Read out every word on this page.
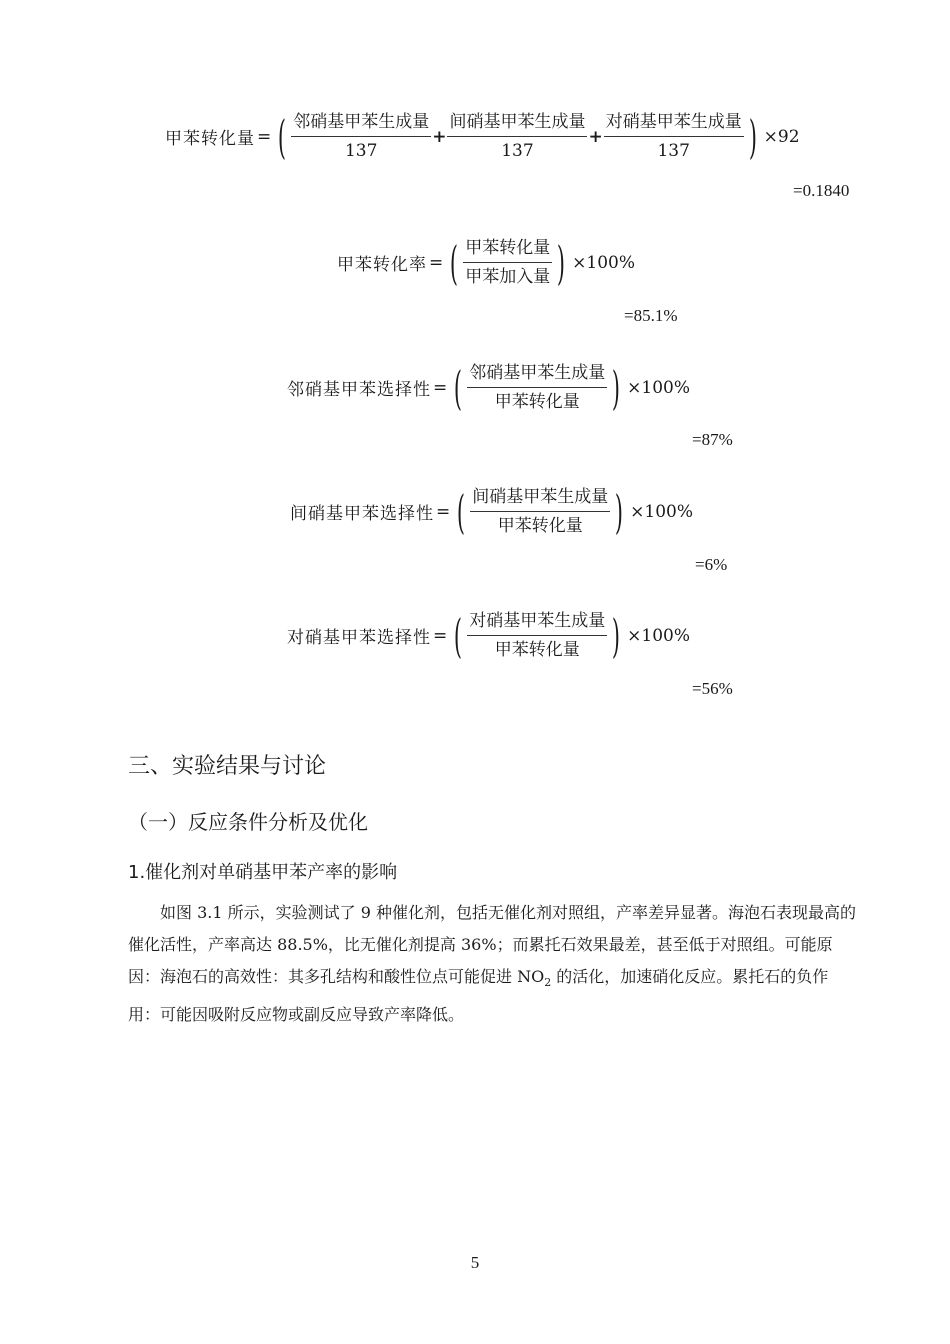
甲苯转化量 = ( $\frac{\text{邻硝基甲苯生成量}}{137} + \frac{\text{间硝基甲苯生成量}}{137} + \frac{\text{对硝基甲苯生成量}}{137}$ ) ×92
=0.1840
甲苯转化率 = ( $\frac{\text{甲苯转化量}}{\text{甲苯加入量}}$ ) ×100%
=85.1%
邻硝基甲苯选择性 = ( $\frac{\text{邻硝基甲苯生成量}}{\text{甲苯转化量}}$ ) ×100%
=87%
间硝基甲苯选择性 = ( $\frac{\text{间硝基甲苯生成量}}{\text{甲苯转化量}}$ ) ×100%
=6%
对硝基甲苯选择性 = ( $\frac{\text{对硝基甲苯生成量}}{\text{甲苯转化量}}$ ) ×100%
=56%
三、实验结果与讨论
（一）反应条件分析及优化
1.催化剂对单硝基甲苯产率的影响

如图 3.1 所示，实验测试了 9 种催化剂，包括无催化剂对照组，产率差异显著。海泡石表现最高的催化活性，产率高达 88.5%，比无催化剂提高 36%；而累托石效果最差，甚至低于对照组。可能原因：海泡石的高效性：其多孔结构和酸性位点可能促进 $NO_2$ 的活化，加速硝化反应。累托石的负作用：可能因吸附反应物或副反应导致产率降低。

5
